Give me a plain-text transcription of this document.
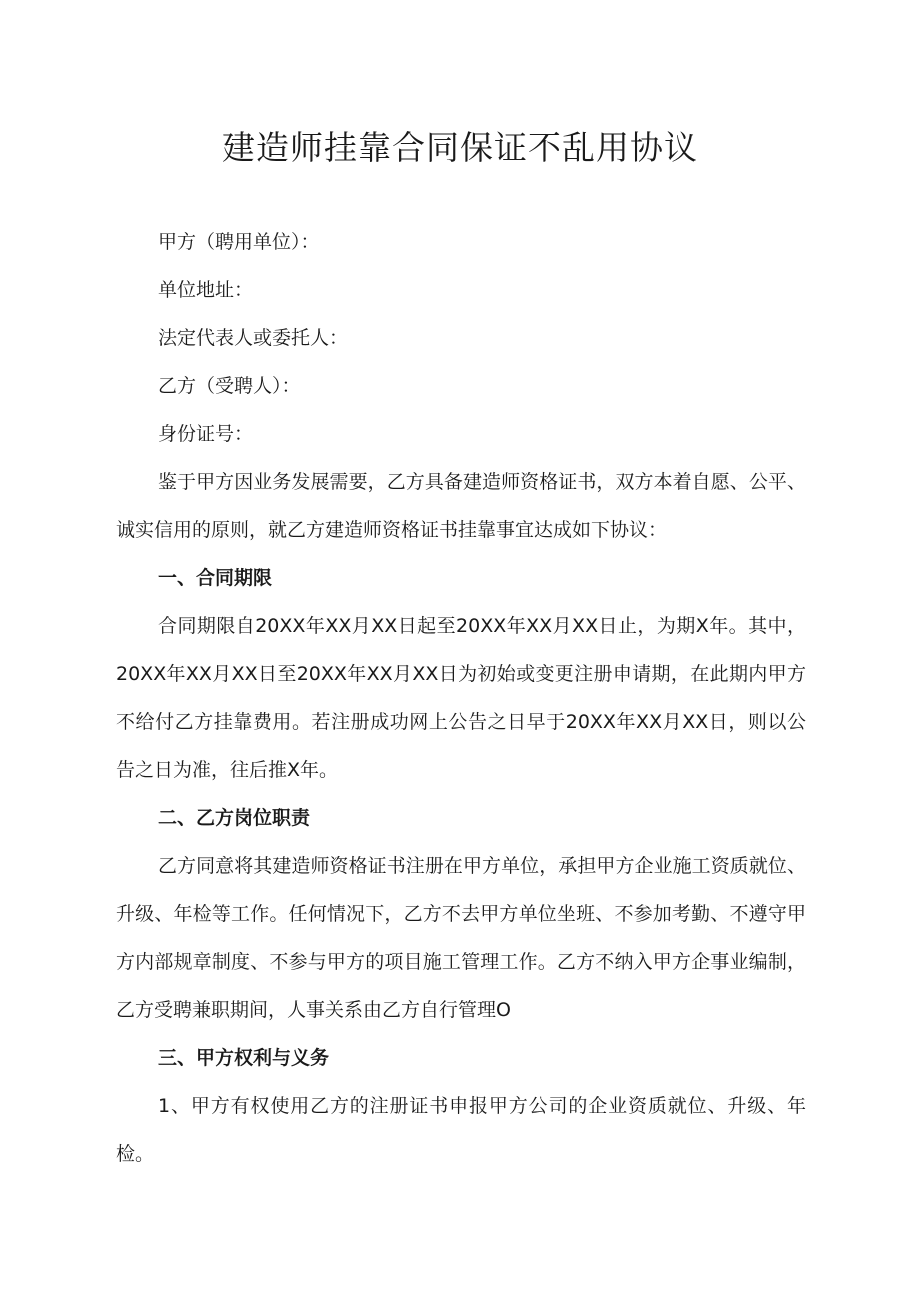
建造师挂靠合同保证不乱用协议

甲方（聘用单位）：

单位地址：

法定代表人或委托人：

乙方（受聘人）：

身份证号：

鉴于甲方因业务发展需要，乙方具备建造师资格证书，双方本着自愿、公平、诚实信用的原则，就乙方建造师资格证书挂靠事宜达成如下协议：

一、合同期限

合同期限自20XX年XX月XX日起至20XX年XX月XX日止，为期X年。其中，20XX年XX月XX日至20XX年XX月XX日为初始或变更注册申请期，在此期内甲方不给付乙方挂靠费用。若注册成功网上公告之日早于20XX年XX月XX日，则以公告之日为准，往后推X年。

二、乙方岗位职责

乙方同意将其建造师资格证书注册在甲方单位，承担甲方企业施工资质就位、升级、年检等工作。任何情况下，乙方不去甲方单位坐班、不参加考勤、不遵守甲方内部规章制度、不参与甲方的项目施工管理工作。乙方不纳入甲方企事业编制，乙方受聘兼职期间，人事关系由乙方自行管理O

三、甲方权利与义务

1、甲方有权使用乙方的注册证书申报甲方公司的企业资质就位、升级、年检。
